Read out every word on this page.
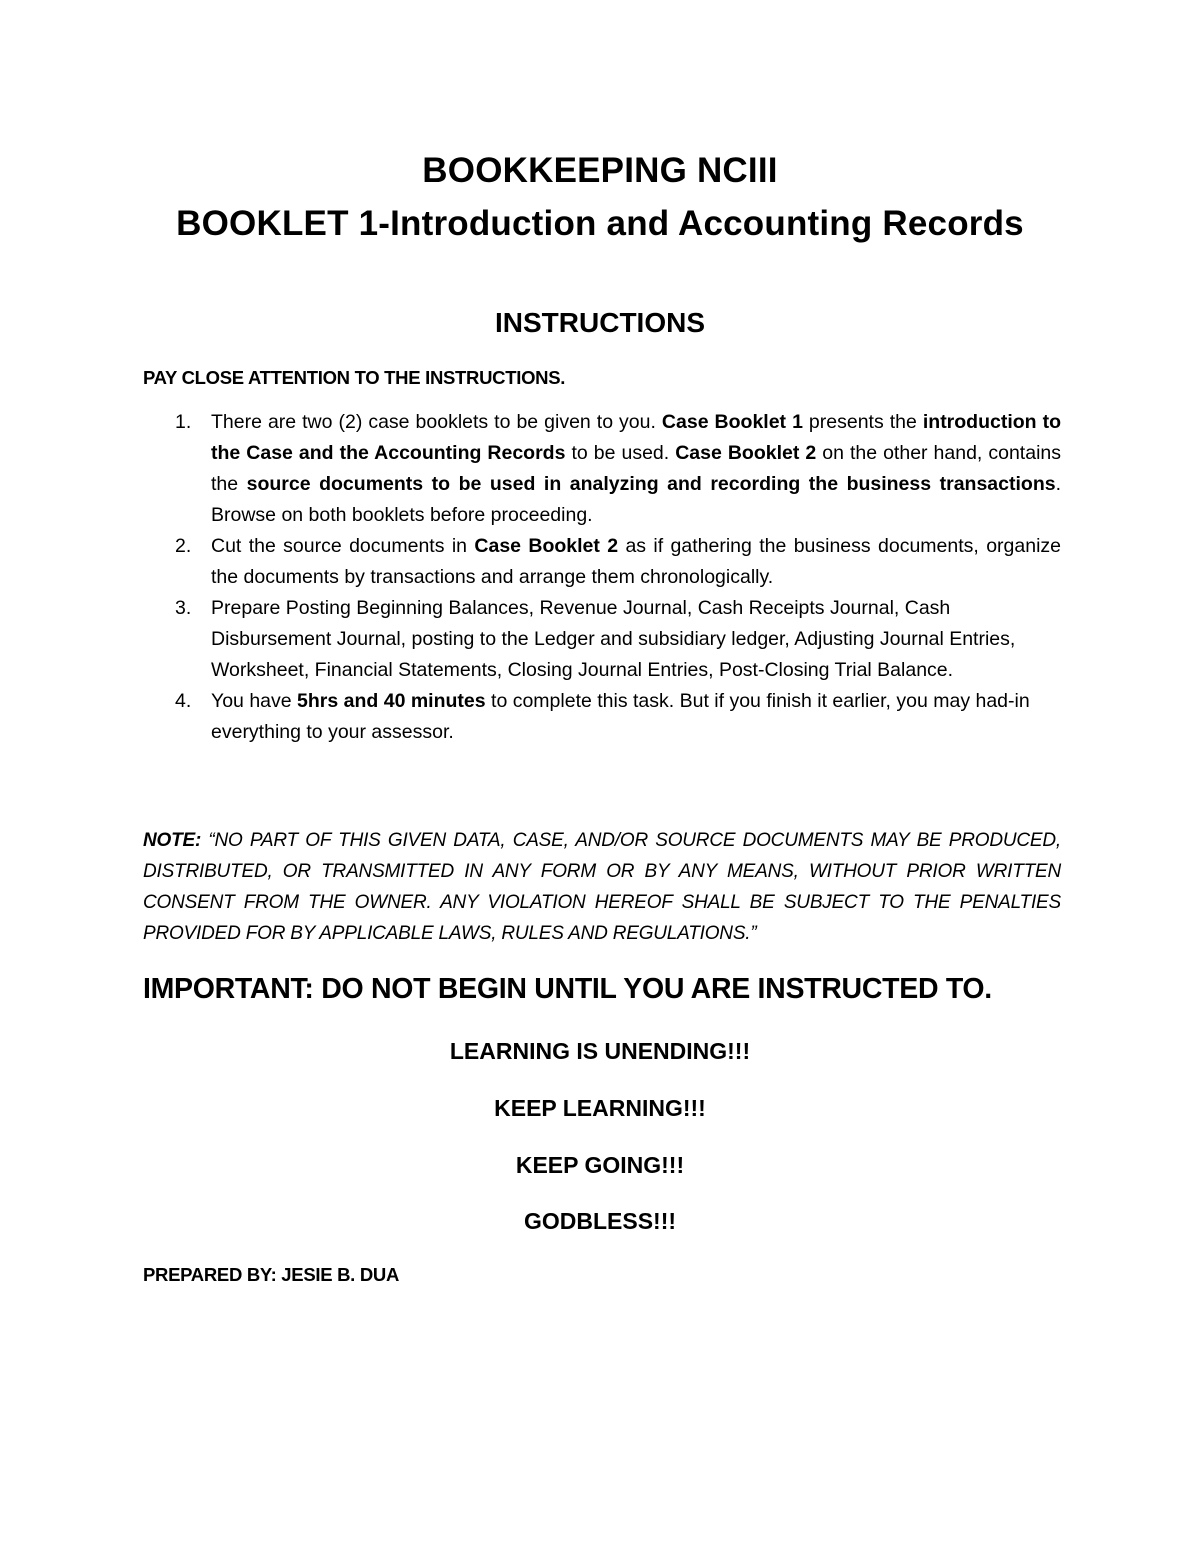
BOOKKEEPING NCIII
BOOKLET 1-Introduction and Accounting Records
INSTRUCTIONS
PAY CLOSE ATTENTION TO THE INSTRUCTIONS.
1. There are two (2) case booklets to be given to you. Case Booklet 1 presents the introduction to the Case and the Accounting Records to be used. Case Booklet 2 on the other hand, contains the source documents to be used in analyzing and recording the business transactions. Browse on both booklets before proceeding.
2. Cut the source documents in Case Booklet 2 as if gathering the business documents, organize the documents by transactions and arrange them chronologically.
3. Prepare Posting Beginning Balances, Revenue Journal, Cash Receipts Journal, Cash Disbursement Journal, posting to the Ledger and subsidiary ledger, Adjusting Journal Entries, Worksheet, Financial Statements, Closing Journal Entries, Post-Closing Trial Balance.
4. You have 5hrs and 40 minutes to complete this task. But if you finish it earlier, you may had-in everything to your assessor.
NOTE: “NO PART OF THIS GIVEN DATA, CASE, AND/OR SOURCE DOCUMENTS MAY BE PRODUCED, DISTRIBUTED, OR TRANSMITTED IN ANY FORM OR BY ANY MEANS, WITHOUT PRIOR WRITTEN CONSENT FROM THE OWNER. ANY VIOLATION HEREOF SHALL BE SUBJECT TO THE PENALTIES PROVIDED FOR BY APPLICABLE LAWS, RULES AND REGULATIONS.”
IMPORTANT: DO NOT BEGIN UNTIL YOU ARE INSTRUCTED TO.
LEARNING IS UNENDING!!!
KEEP LEARNING!!!
KEEP GOING!!!
GODBLESS!!!
PREPARED BY: JESIE B. DUA
